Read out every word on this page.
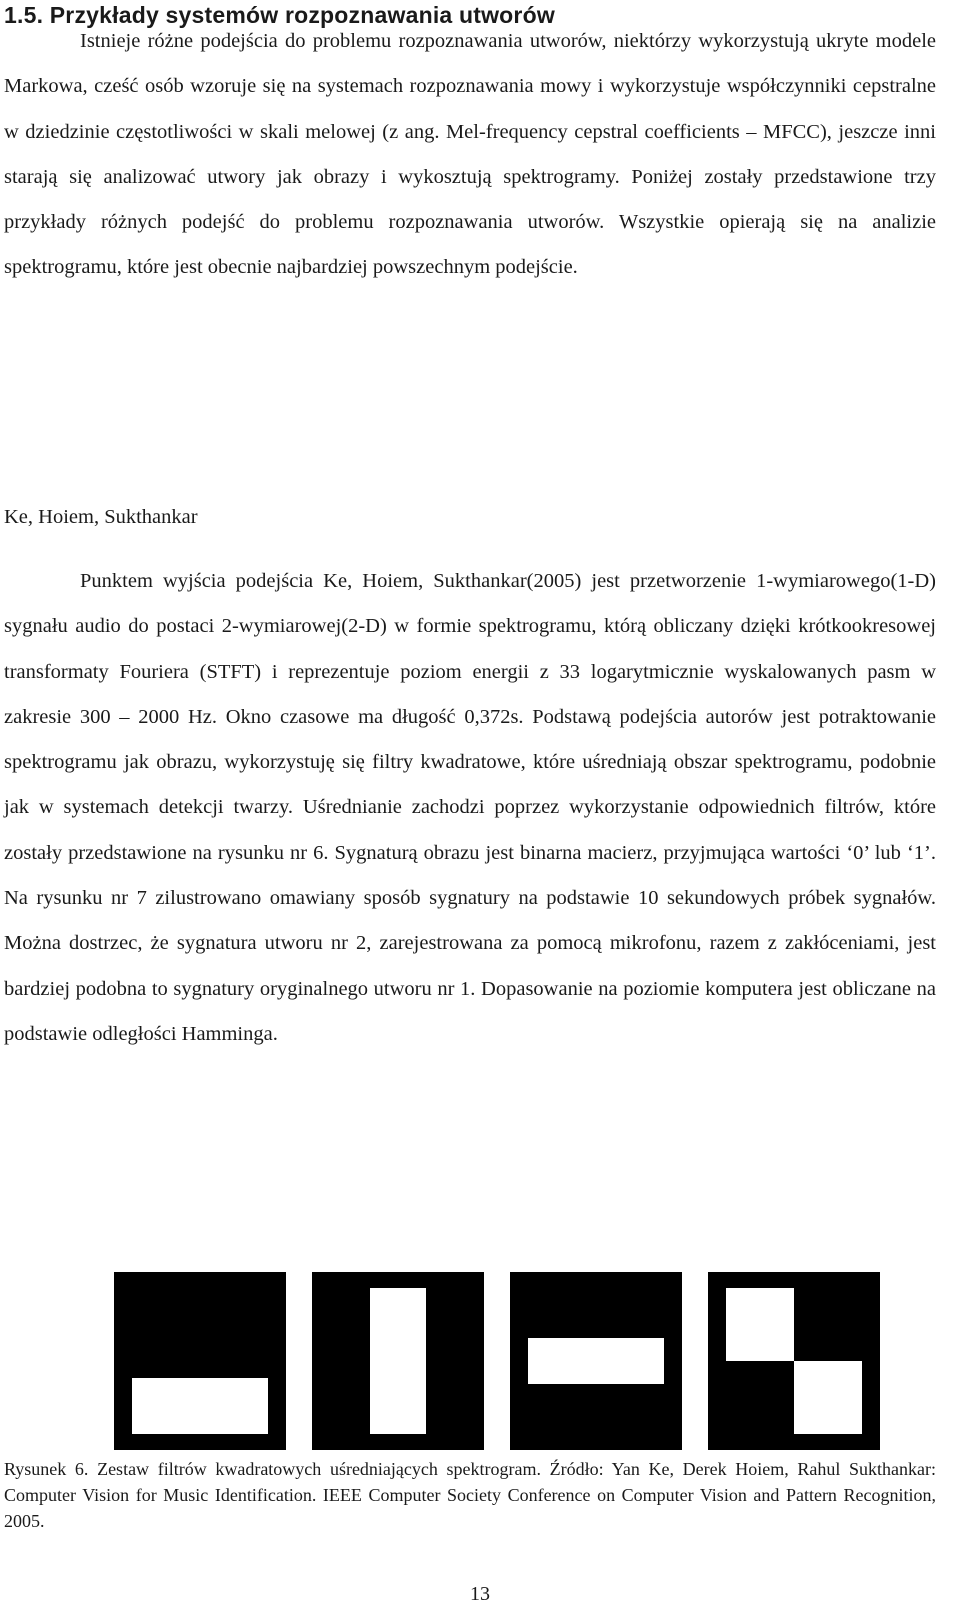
1.5. Przykłady systemów rozpoznawania utworów

Istnieje różne podejścia do problemu rozpoznawania utworów, niektórzy wykorzystują ukryte modele Markowa, cześć osób wzoruje się na systemach rozpoznawania mowy i wykorzystuje współczynniki cepstralne w dziedzinie częstotliwości w skali melowej (z ang. Mel-frequency cepstral coefficients – MFCC), jeszcze inni starają się analizować utwory jak obrazy i wykosztują spektrogramy. Poniżej zostały przedstawione trzy przykłady różnych podejść do problemu rozpoznawania utworów. Wszystkie opierają się na analizie spektrogramu, które jest obecnie najbardziej powszechnym podejście.

Ke, Hoiem, Sukthankar

Punktem wyjścia podejścia Ke, Hoiem, Sukthankar(2005) jest przetworzenie 1-wymiarowego(1-D) sygnału audio do postaci 2-wymiarowej(2-D) w formie spektrogramu, którą obliczany dzięki krótkookresowej transformaty Fouriera (STFT) i reprezentuje poziom energii z 33 logarytmicznie wyskalowanych pasm w zakresie 300 – 2000 Hz. Okno czasowe ma długość 0,372s. Podstawą podejścia autorów jest potraktowanie spektrogramu jak obrazu, wykorzystuję się filtry kwadratowe, które uśredniają obszar spektrogramu, podobnie jak w systemach detekcji twarzy. Uśrednianie zachodzi poprzez wykorzystanie odpowiednich filtrów, które zostały przedstawione na rysunku nr 6. Sygnaturą obrazu jest binarna macierz, przyjmująca wartości ‘0’ lub ‘1’. Na rysunku nr 7 zilustrowano omawiany sposób sygnatury na podstawie 10 sekundowych próbek sygnałów. Można dostrzec, że sygnatura utworu nr 2, zarejestrowana za pomocą mikrofonu, razem z zakłóceniami, jest bardziej podobna to sygnatury oryginalnego utworu nr 1. Dopasowanie na poziomie komputera jest obliczane na podstawie odległości Hamminga.

Rysunek 6. Zestaw filtrów kwadratowych uśredniających spektrogram. Źródło: Yan Ke, Derek Hoiem, Rahul Sukthankar: Computer Vision for Music Identification. IEEE Computer Society Conference on Computer Vision and Pattern Recognition, 2005.

13
